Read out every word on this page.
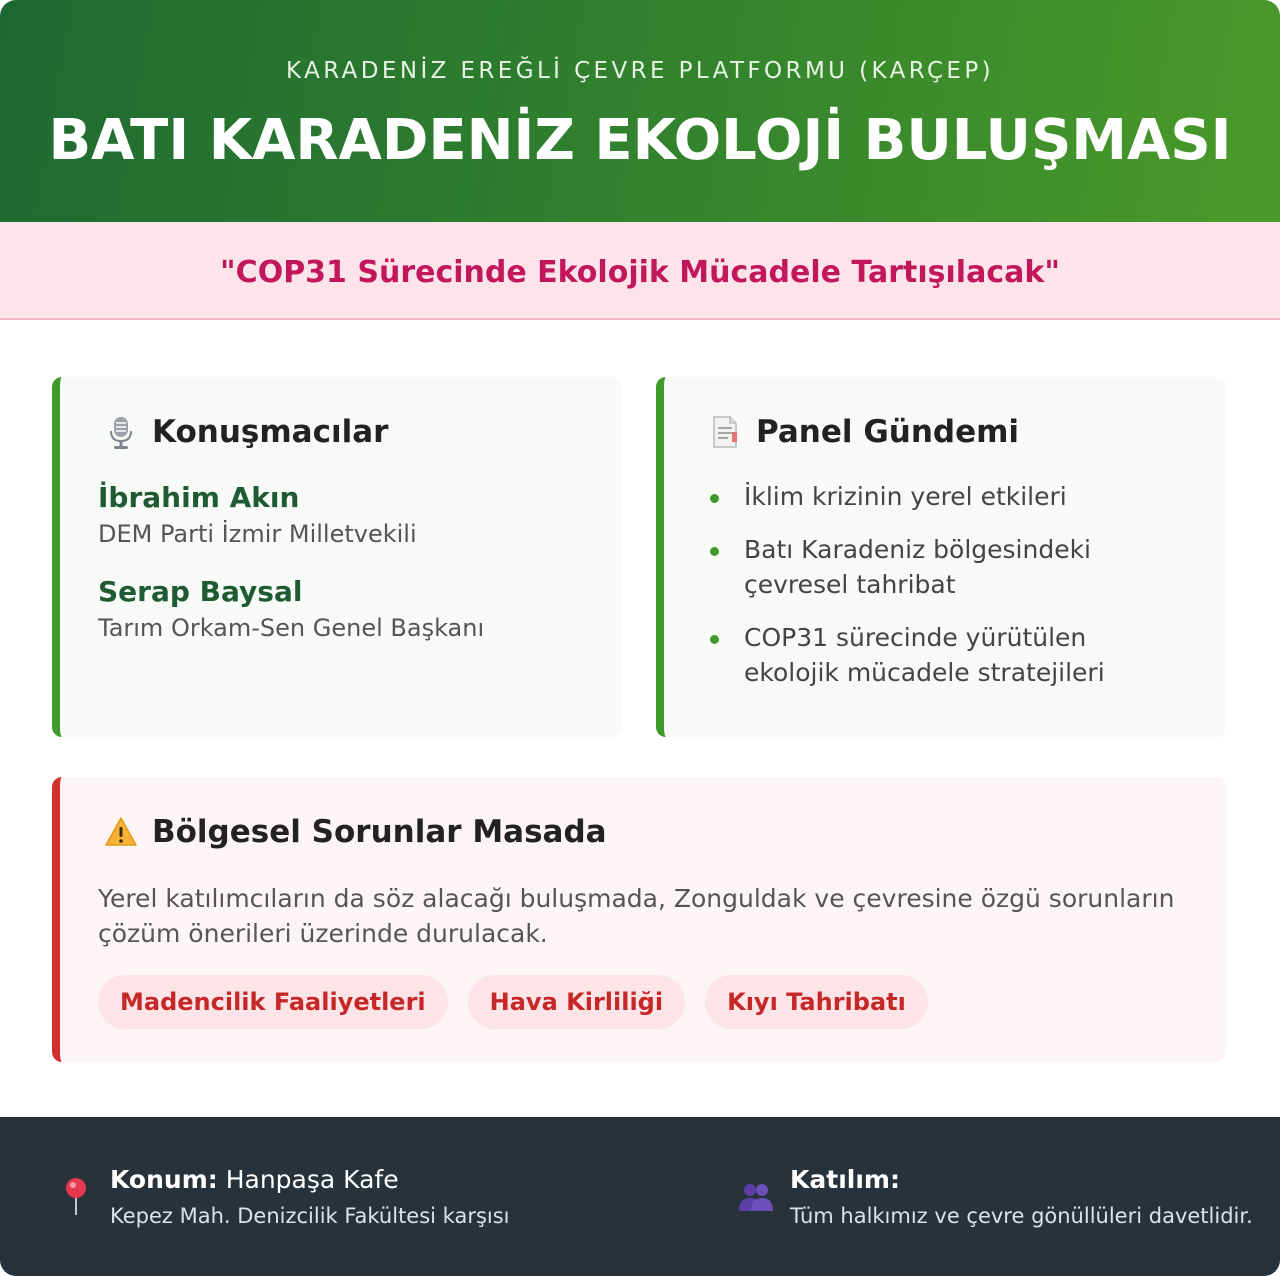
KARADENİZ EREĞLİ ÇEVRE PLATFORMU (KARÇEP)
BATI KARADENİZ EKOLOJİ BULUŞMASI
"COP31 Sürecinde Ekolojik Mücadele Tartışılacak"
Konuşmacılar
İbrahim Akın
DEM Parti İzmir Milletvekili
Serap Baysal
Tarım Orkam-Sen Genel Başkanı
Panel Gündemi
İklim krizinin yerel etkileri
Batı Karadeniz bölgesindeki çevresel tahribat
COP31 sürecinde yürütülen ekolojik mücadele stratejileri
Bölgesel Sorunlar Masada
Yerel katılımcıların da söz alacağı buluşmada, Zonguldak ve çevresine özgü sorunların çözüm önerileri üzerinde durulacak.
Madencilik Faaliyetleri	Hava Kirliliği	Kıyı Tahribatı
Konum: Hanpaşa Kafe
Kepez Mah. Denizcilik Fakültesi karşısı
Katılım:
Tüm halkımız ve çevre gönüllüleri davetlidir.
